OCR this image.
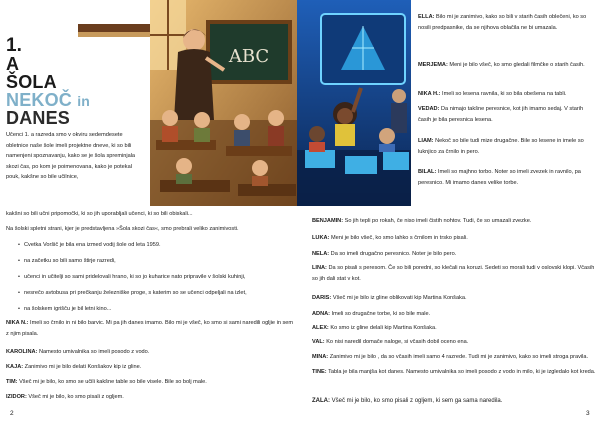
1.
A
ŠOLA
NEKOČ in
DANES
ABC
Učenci 1. a razreda smo v okviru sedemdesete obletnice naše šole imeli projektne dneve, ki so bili namenjeni spoznavanju, kako se je šola spreminjala skozi čas, po kom je poimenovana, kako je potekal pouk, kakšne so bile učilnice,
kakšni so bili učni pripomočki, ki so jih uporabljali učenci, ki so bili obiskali...
Na šolski spletni strani, kjer je predstavljena »Šola skozi čas«, smo prebrali veliko zanimivosti.
• Cvetka Voršič je bila ena izmed vodij šole od leta 1959.
• na začetku so bili samo štirje razredi,
• učenci in učitelji so sami pridelovali hrano, ki so jo kuharice nato pripravile v šolski kuhinji,
• nesrečo avtobusa pri prečkanju železniške proge, s katerim so se učenci odpeljali na izlet,
• na šolskem igrišču je bil letni kino...
NIKA N.: Imeli so črnilo in ni bilo barvic. Mi pa jih danes imamo. Bilo mi je všeč, ko smo si sami naredili ogljie in sem z njim pisala.
KAROLINA: Namesto umivalnika so imeli posodo z vodo.
KAJA: Zanimivo mi je bilo delati Konšakov kip iz gline.
TIM: Všeč mi je bilo, ko smo se učili kakšne table so bile visele. Bile so bolj male.
IZIDOR: Všeč mi je bilo, ko smo pisali z ogljem.
ELLA: Bilo mi je zanimivo, kako so bili v starih časih oblečeni, ko so nosili predpasnike, da se njihova oblačila ne bi umazala.
MERJEMA: Meni je bilo všeč, ko smo gledali filmčke o starih časih.
NIKA H.: Imeli so lesena ravnila, ki so bila obešena na tabli.
VEDAD: Da nimajo takšne peresnice, kot jih imamo sedaj. V starih časih je bila peresnica lesena.
LIAM: Nekoč so bile tudi mize drugačne. Bile so lesene in imele so luknjico za črnilo in pero.
BILAL: Imeli so majhno torbo. Noter so imeli zvezek in ravnilo, pa peresnico. Mi imamo danes velike torbe.
BENJAMIN: So jih tepli po rokah, če niso imeli čistih nohtov. Tudi, če so umazali zvezke.
LUKA: Meni je bilo všeč, ko smo lahko s črnilom in trsko pisali.
NELA: Da so imeli drugačno peresnico. Noter je bilo pero.
LINA: Da so pisali s peresom. Če so bili poredni, so klečali na koruzi. Sedeti so morali tudi v oslovski klopi. Včasih so jih dali stat v kot.
DARIS: Všeč mi je bilo iz gline oblikovati kip Martina Konšaka.
ADNA: Imeli so drugačne torbe, ki so bile male.
ALEX: Ko smo iz gline delali kip Martina Konšaka.
VAL: Ko nisi naredil domače naloge, si včasih dobil oceno ena.
MINA: Zanimivo mi je bilo , da so včasih imeli samo 4 razrede. Tudi mi je zanimivo, kako so imeli stroga pravila.
TINE: Tabla je bila manjša kot danes. Namesto umivalnika so imeli posodo z vodo in milo, ki je izgledalo kot kreda.
ZALA: Všeč mi je bilo, ko smo pisali z ogljem, ki sem ga sama naredila.
2	3
